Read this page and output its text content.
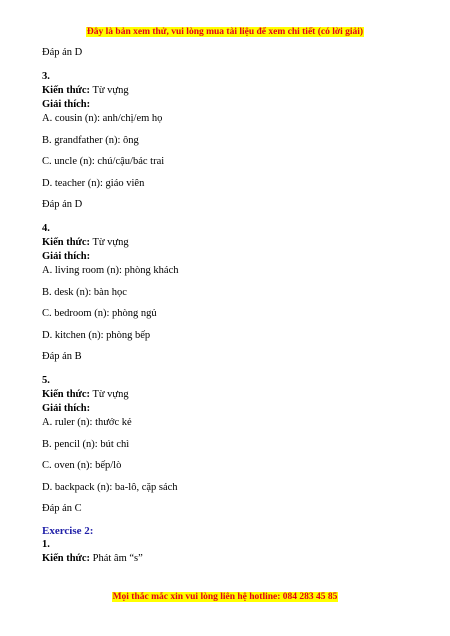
Đây là bản xem thử, vui lòng mua tài liệu để xem chi tiết (có lời giải)

Đáp án D

3.

Kiến thức: Từ vựng

Giải thích:

A. cousin (n): anh/chị/em họ

B. grandfather (n): ông

C. uncle (n): chú/cậu/bác trai

D. teacher (n): giáo viên

Đáp án D

4.

Kiến thức: Từ vựng

Giải thích:

A. living room (n): phòng khách

B. desk (n): bàn học

C. bedroom (n): phòng ngủ

D. kitchen (n): phòng bếp

Đáp án B

5.

Kiến thức: Từ vựng

Giải thích:

A. ruler (n): thước kẻ

B. pencil (n): bút chì

C. oven (n): bếp/lò

D. backpack (n): ba-lô, cặp sách

Đáp án C

Exercise 2:

1.

Kiến thức: Phát âm “s”

Mọi thắc mắc xin vui lòng liên hệ hotline: 084 283 45 85
